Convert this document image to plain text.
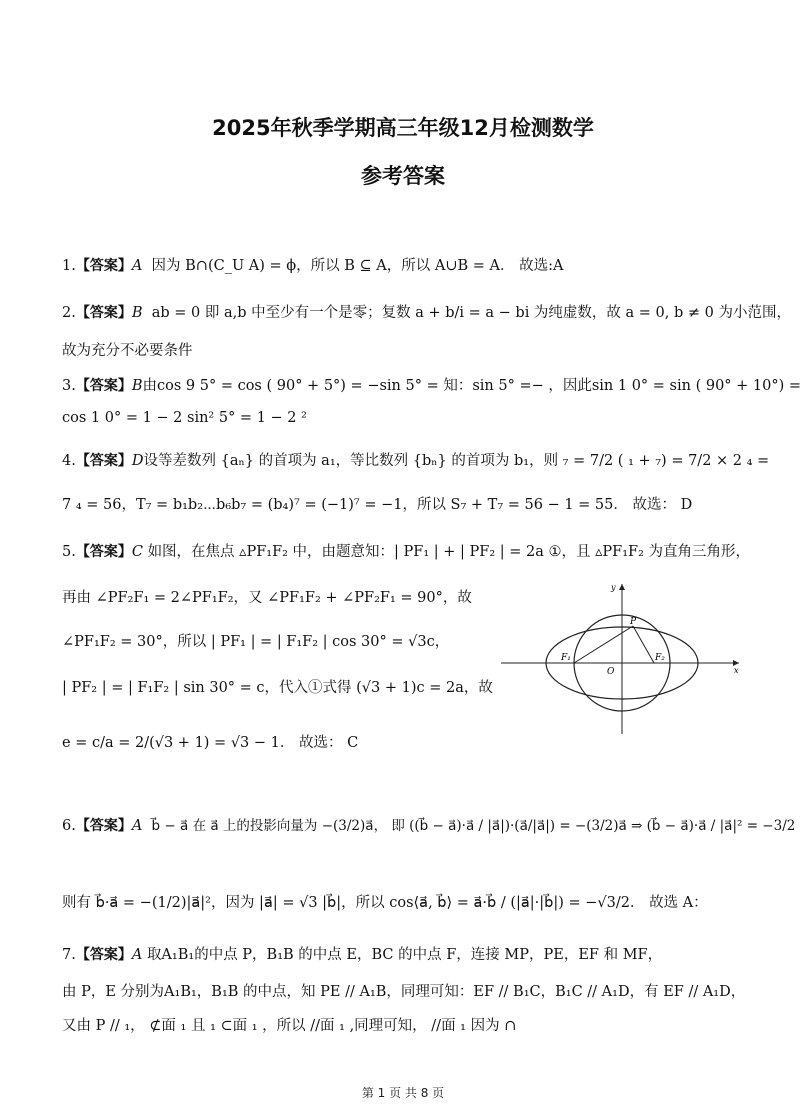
2025年秋季学期高三年级12月检测数学
参考答案
1.【答案】A 因为 B∩(C_U A) = ϕ，所以 B ⊆ A，所以 A∪B = A． 故选:A
2.【答案】B ab = 0 即 a,b 中至少有一个是零；复数 a + b/i = a − bi 为纯虚数，故 a = 0, b ≠ 0 为小范围，
故为充分不必要条件
3.【答案】B由cos 9 5° = cos ( 90° + 5°) = −sin 5° = 知：sin 5° =− ，因此sin 1 0° = sin ( 90° + 10°) =
cos 1 0° = 1 − 2 sin² 5° = 1 − 2 ²
4.【答案】D设等差数列 {aₙ} 的首项为 a₁，等比数列 {bₙ} 的首项为 b₁，则 ₇ = 7/2 ( ₁ + ₇) = 7/2 × 2 ₄ =
7 ₄ = 56，T₇ = b₁b₂⋯b₆b₇ = (b₄)⁷ = (−1)⁷ = −1，所以 S₇ + T₇ = 56 − 1 = 55． 故选： D
5.【答案】C 如图，在焦点 ▵PF₁F₂ 中，由题意知：| PF₁ | + | PF₂ | = 2a ①，且 ▵PF₁F₂ 为直角三角形，
再由 ∠PF₂F₁ = 2∠PF₁F₂，又 ∠PF₁F₂ + ∠PF₂F₁ = 90°，故
∠PF₁F₂ = 30°，所以 | PF₁ | = | F₁F₂ | cos 30° = √3c，
| PF₂ | = | F₁F₂ | sin 30° = c，代入①式得 (√3 + 1)c = 2a，故
e = c/a = 2/(√3 + 1) = √3 − 1． 故选： C
P
F₁	F₂
O	x
y
6.【答案】A b⃗ − a⃗ 在 a⃗ 上的投影向量为 −(3/2)a⃗， 即 ((b⃗ − a⃗)·a⃗ / |a⃗|)·(a⃗/|a⃗|) = −(3/2)a⃗ ⇒ (b⃗ − a⃗)·a⃗ / |a⃗|² = −3/2
则有 b⃗·a⃗ = −(1/2)|a⃗|²，因为 |a⃗| = √3 |b⃗|，所以 cos⟨a⃗, b⃗⟩ = a⃗·b⃗ / (|a⃗|·|b⃗|) = −√3/2． 故选 A：
7.【答案】A 取A₁B₁的中点 P，B₁B 的中点 E，BC 的中点 F，连接 MP，PE，EF 和 MF，
由 P，E 分别为A₁B₁，B₁B 的中点，知 PE // A₁B，同理可知：EF // B₁C，B₁C // A₁D，有 EF // A₁D，
又由 P // ₁， ⊄面 ₁ 且 ₁ ⊂面 ₁ ，所以 //面 ₁ ,同理可知， //面 ₁ 因为 ∩
第 1 页 共 8 页
